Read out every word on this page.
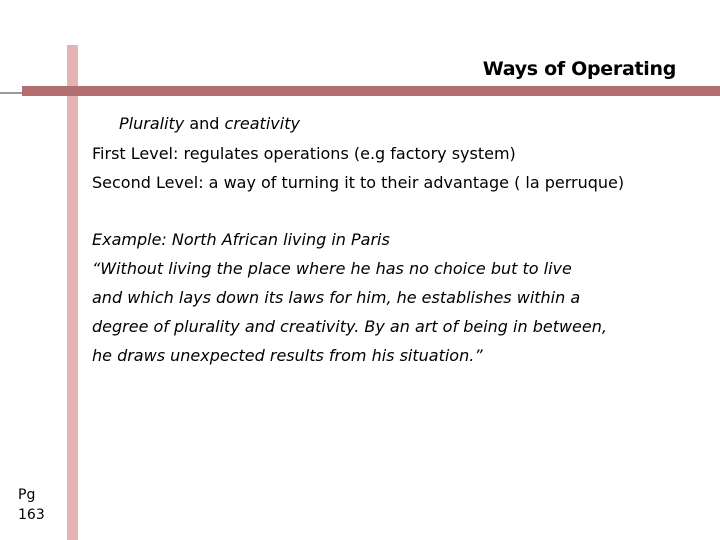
Ways of Operating
Plurality and creativity
First Level: regulates operations (e.g factory system)
Second Level: a way of turning it to their advantage ( la perruque)
Example: North African living in Paris
“Without living the place where he has no choice but to live
and which lays down its laws for him, he establishes within a
degree of plurality and creativity. By an art of being in between,
he draws unexpected results from his situation.”
Pg
163
